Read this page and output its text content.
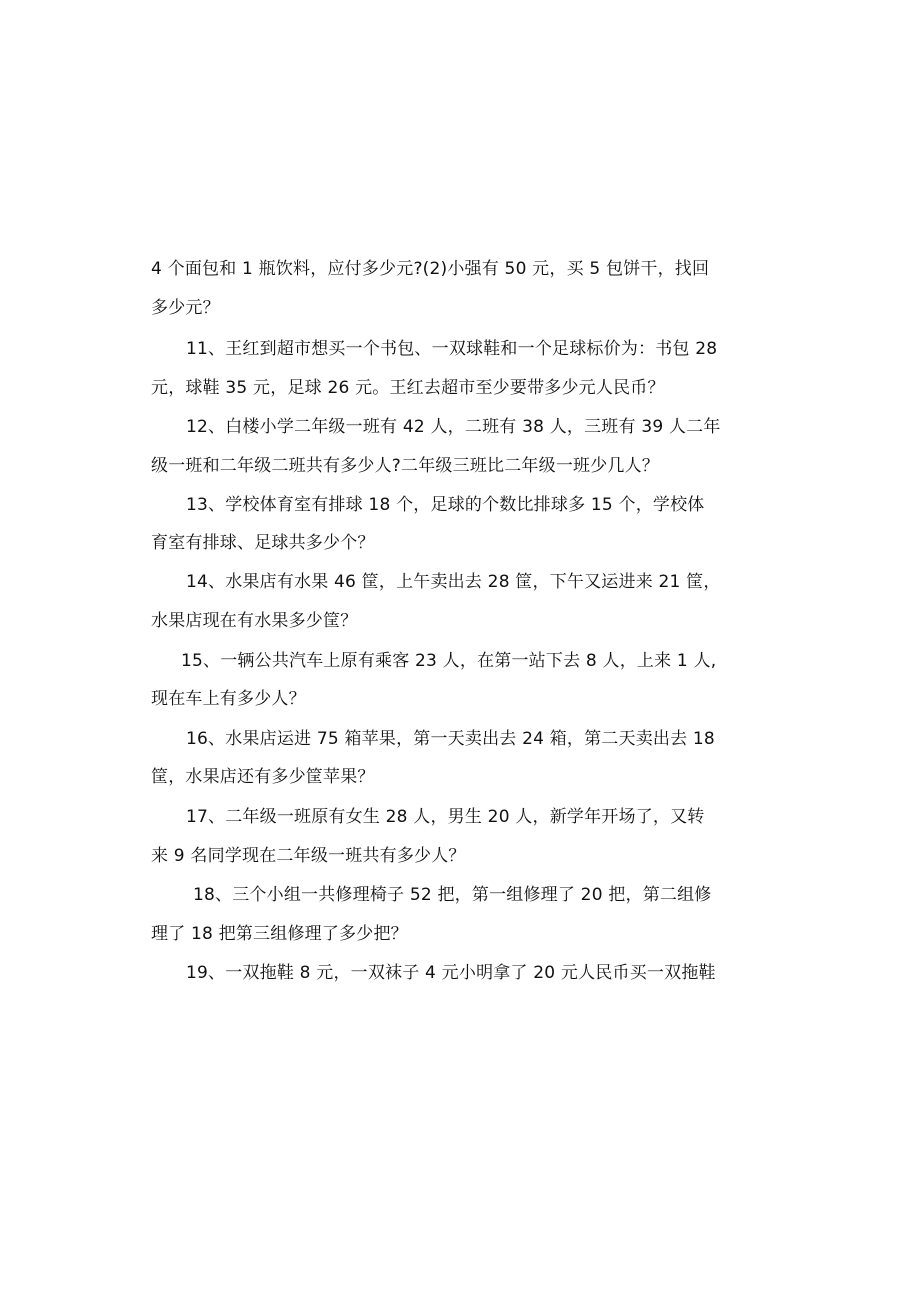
4 个面包和 1 瓶饮料，应付多少元?(2)小强有 50 元，买 5 包饼干，找回
多少元？
11、王红到超市想买一个书包、一双球鞋和一个足球标价为：书包 28
元，球鞋 35 元，足球 26 元。王红去超市至少要带多少元人民币？
12、白楼小学二年级一班有 42 人，二班有 38 人，三班有 39 人二年
级一班和二年级二班共有多少人?二年级三班比二年级一班少几人？
13、学校体育室有排球 18 个，足球的个数比排球多 15 个，学校体
育室有排球、足球共多少个？
14、水果店有水果 46 筐，上午卖出去 28 筐，下午又运进来 21 筐，
水果店现在有水果多少筐？
15、一辆公共汽车上原有乘客 23 人，在第一站下去 8 人，上来 1 人,
现在车上有多少人？
16、水果店运进 75 箱苹果，第一天卖出去 24 箱，第二天卖出去 18
筐，水果店还有多少筐苹果？
17、二年级一班原有女生 28 人，男生 20 人，新学年开场了，又转
来 9 名同学现在二年级一班共有多少人？
18、三个小组一共修理椅子 52 把，第一组修理了 20 把，第二组修
理了 18 把第三组修理了多少把？
19、一双拖鞋 8 元，一双袜子 4 元小明拿了 20 元人民币买一双拖鞋
